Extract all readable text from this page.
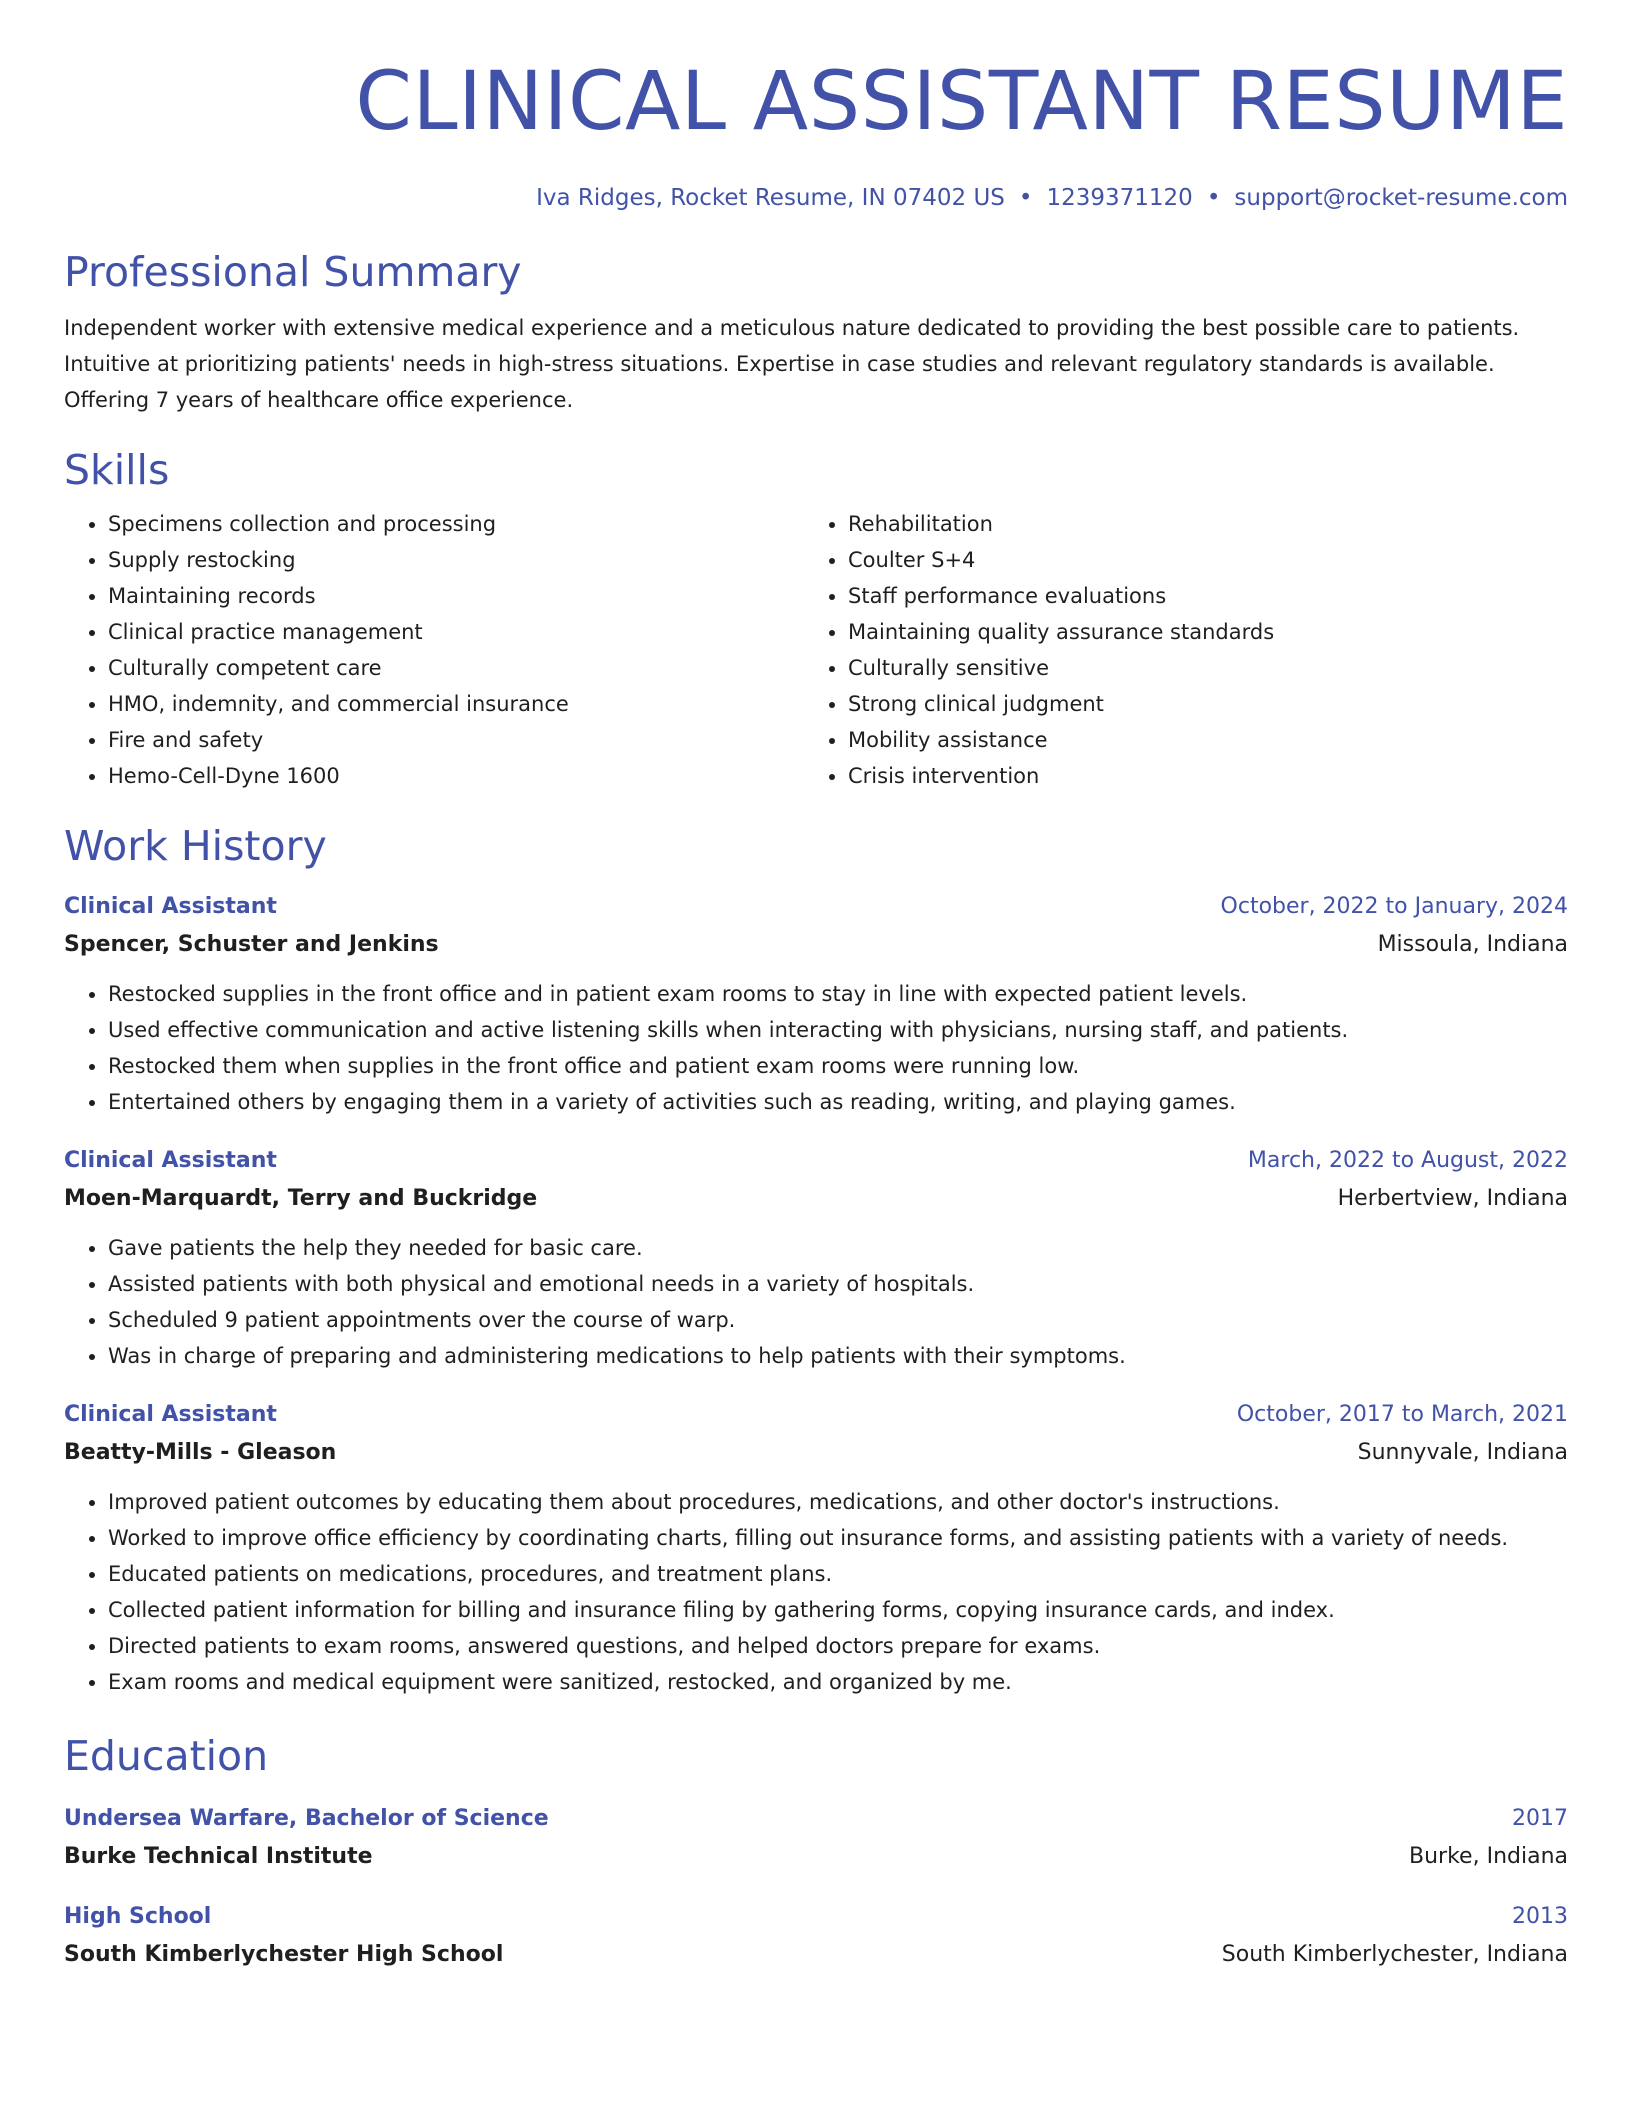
CLINICAL ASSISTANT RESUME
Iva Ridges, Rocket Resume, IN 07402 US • 1239371120 • support@rocket-resume.com
Professional Summary
Independent worker with extensive medical experience and a meticulous nature dedicated to providing the best possible care to patients. Intuitive at prioritizing patients' needs in high-stress situations. Expertise in case studies and relevant regulatory standards is available. Offering 7 years of healthcare office experience.
Skills
• Specimens collection and processing
• Supply restocking
• Maintaining records
• Clinical practice management
• Culturally competent care
• HMO, indemnity, and commercial insurance
• Fire and safety
• Hemo-Cell-Dyne 1600
• Rehabilitation
• Coulter S+4
• Staff performance evaluations
• Maintaining quality assurance standards
• Culturally sensitive
• Strong clinical judgment
• Mobility assistance
• Crisis intervention
Work History
Clinical Assistant	October, 2022 to January, 2024
Spencer, Schuster and Jenkins	Missoula, Indiana
• Restocked supplies in the front office and in patient exam rooms to stay in line with expected patient levels.
• Used effective communication and active listening skills when interacting with physicians, nursing staff, and patients.
• Restocked them when supplies in the front office and patient exam rooms were running low.
• Entertained others by engaging them in a variety of activities such as reading, writing, and playing games.
Clinical Assistant	March, 2022 to August, 2022
Moen-Marquardt, Terry and Buckridge	Herbertview, Indiana
• Gave patients the help they needed for basic care.
• Assisted patients with both physical and emotional needs in a variety of hospitals.
• Scheduled 9 patient appointments over the course of warp.
• Was in charge of preparing and administering medications to help patients with their symptoms.
Clinical Assistant	October, 2017 to March, 2021
Beatty-Mills - Gleason	Sunnyvale, Indiana
• Improved patient outcomes by educating them about procedures, medications, and other doctor's instructions.
• Worked to improve office efficiency by coordinating charts, filling out insurance forms, and assisting patients with a variety of needs.
• Educated patients on medications, procedures, and treatment plans.
• Collected patient information for billing and insurance filing by gathering forms, copying insurance cards, and index.
• Directed patients to exam rooms, answered questions, and helped doctors prepare for exams.
• Exam rooms and medical equipment were sanitized, restocked, and organized by me.
Education
Undersea Warfare, Bachelor of Science	2017
Burke Technical Institute	Burke, Indiana
High School	2013
South Kimberlychester High School	South Kimberlychester, Indiana
